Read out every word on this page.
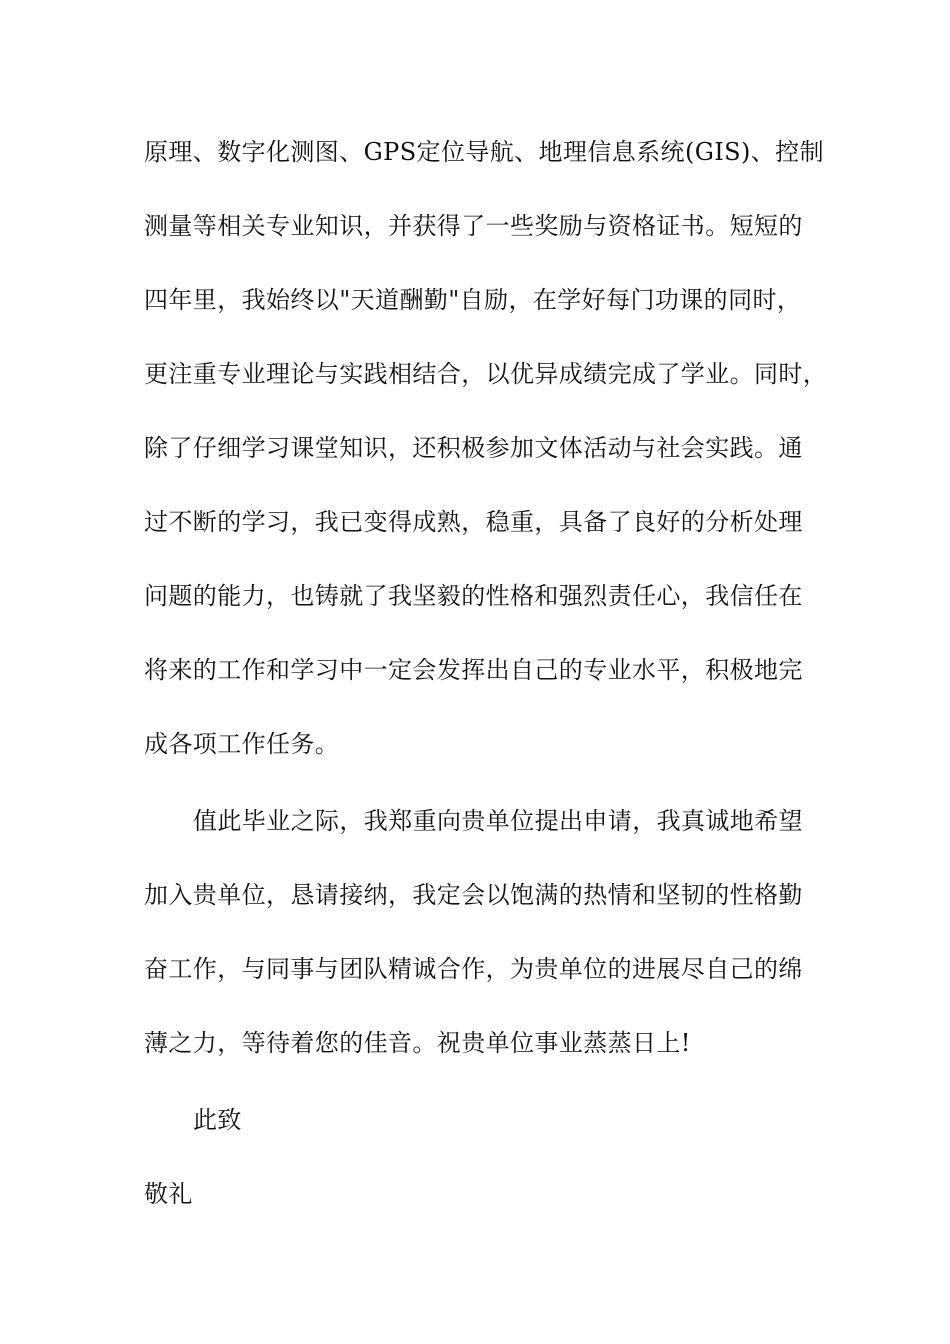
原理、数字化测图、GPS定位导航、地理信息系统(GIS)、控制
测量等相关专业知识，并获得了一些奖励与资格证书。短短的
四年里，我始终以"天道酬勤"自励，在学好每门功课的同时，
更注重专业理论与实践相结合，以优异成绩完成了学业。同时，
除了仔细学习课堂知识，还积极参加文体活动与社会实践。通
过不断的学习，我已变得成熟，稳重，具备了良好的分析处理
问题的能力，也铸就了我坚毅的性格和强烈责任心，我信任在
将来的工作和学习中一定会发挥出自己的专业水平，积极地完
成各项工作任务。
值此毕业之际，我郑重向贵单位提出申请，我真诚地希望
加入贵单位，恳请接纳，我定会以饱满的热情和坚韧的性格勤
奋工作，与同事与团队精诚合作，为贵单位的进展尽自己的绵
薄之力，等待着您的佳音。祝贵单位事业蒸蒸日上!
此致
敬礼
